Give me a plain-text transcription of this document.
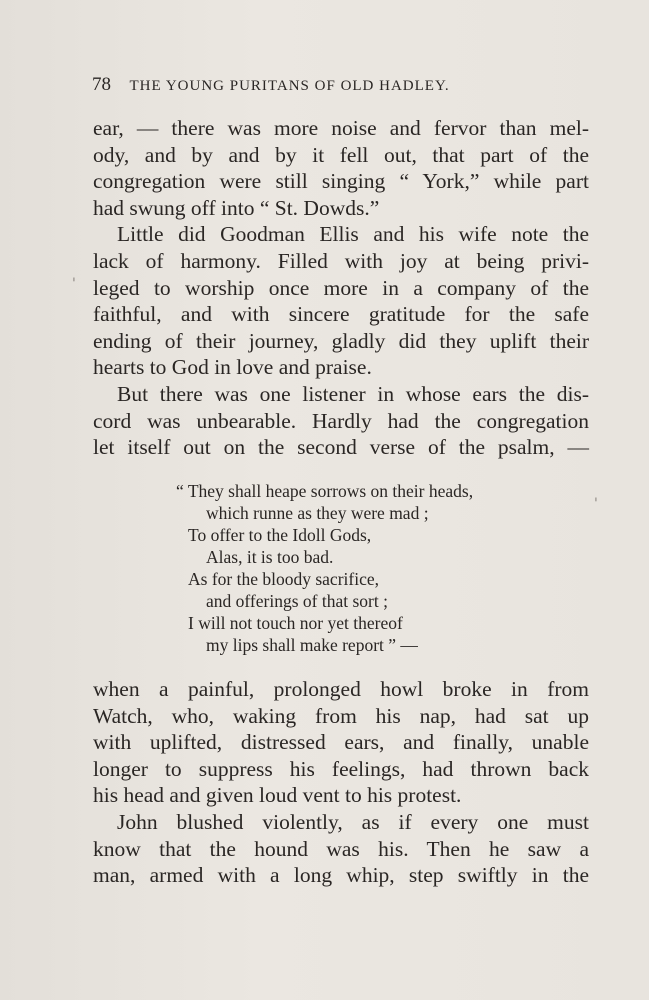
78 THE YOUNG PURITANS OF OLD HADLEY.
ear, — there was more noise and fervor than mel-
ody, and by and by it fell out, that part of the
congregation were still singing “ York,” while part
had swung off into “ St. Dowds.”
Little did Goodman Ellis and his wife note the
lack of harmony. Filled with joy at being privi-
leged to worship once more in a company of the
faithful, and with sincere gratitude for the safe
ending of their journey, gladly did they uplift their
hearts to God in love and praise.
But there was one listener in whose ears the dis-
cord was unbearable. Hardly had the congregation
let itself out on the second verse of the psalm, —
“ They shall heape sorrows on their heads,
which runne as they were mad ;
To offer to the Idoll Gods,
Alas, it is too bad.
As for the bloody sacrifice,
and offerings of that sort ;
I will not touch nor yet thereof
my lips shall make report ” —
when a painful, prolonged howl broke in from
Watch, who, waking from his nap, had sat up
with uplifted, distressed ears, and finally, unable
longer to suppress his feelings, had thrown back
his head and given loud vent to his protest.
John blushed violently, as if every one must
know that the hound was his. Then he saw a
man, armed with a long whip, step swiftly in the
'
'
